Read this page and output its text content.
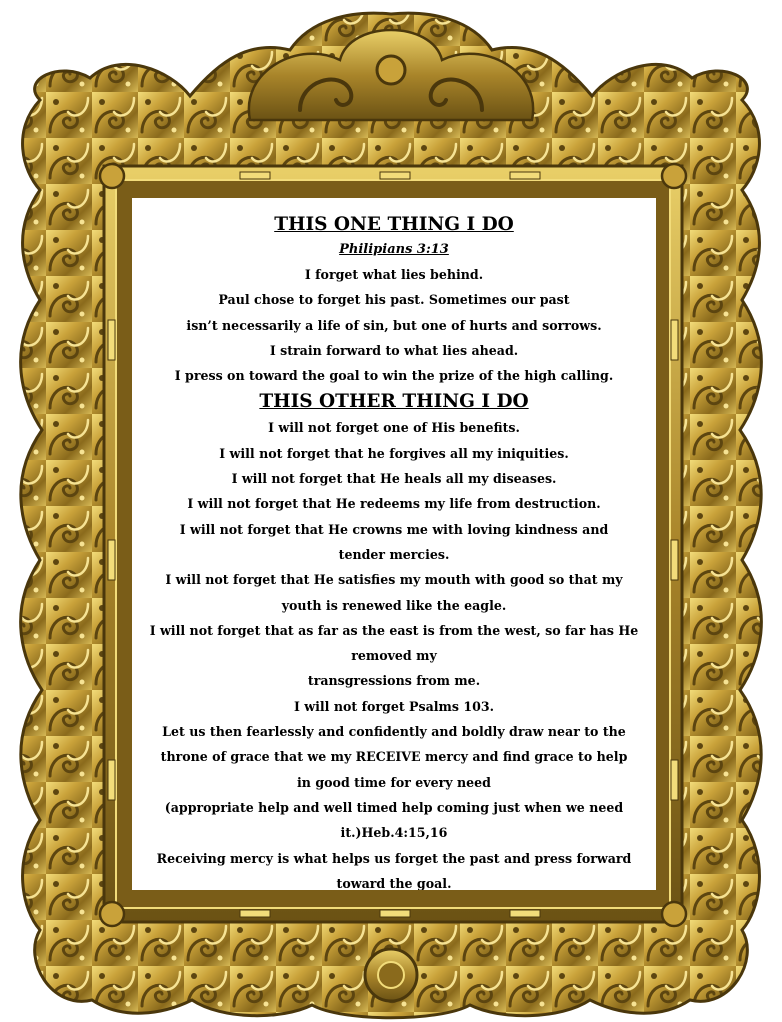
THIS ONE THING I DO
Philipians 3:13
I forget what lies behind.
Paul chose to forget his past. Sometimes our past
isn’t necessarily a life of sin, but one of hurts and sorrows.
I strain forward to what lies ahead.
I press on toward the goal to win the prize of the high calling.
THIS OTHER THING I DO
I will not forget one of His benefits.
I will not forget that he forgives all my iniquities.
I will not forget that He heals all my diseases.
I will not forget that He redeems my life from destruction.
I will not forget that He crowns me with loving kindness and
tender mercies.
I will not forget that He satisfies my mouth with good so that my
youth is renewed like the eagle.
I will not forget that as far as the east is from the west, so far has He
removed my
transgressions from me.
I will not forget Psalms 103.
Let us then fearlessly and confidently and boldly draw near to the
throne of grace that we my RECEIVE mercy and find grace to help
in good time for every need
(appropriate help and well timed help coming just when we need
it.)Heb.4:15,16
Receiving mercy is what helps us forget the past and press forward
toward the goal.
